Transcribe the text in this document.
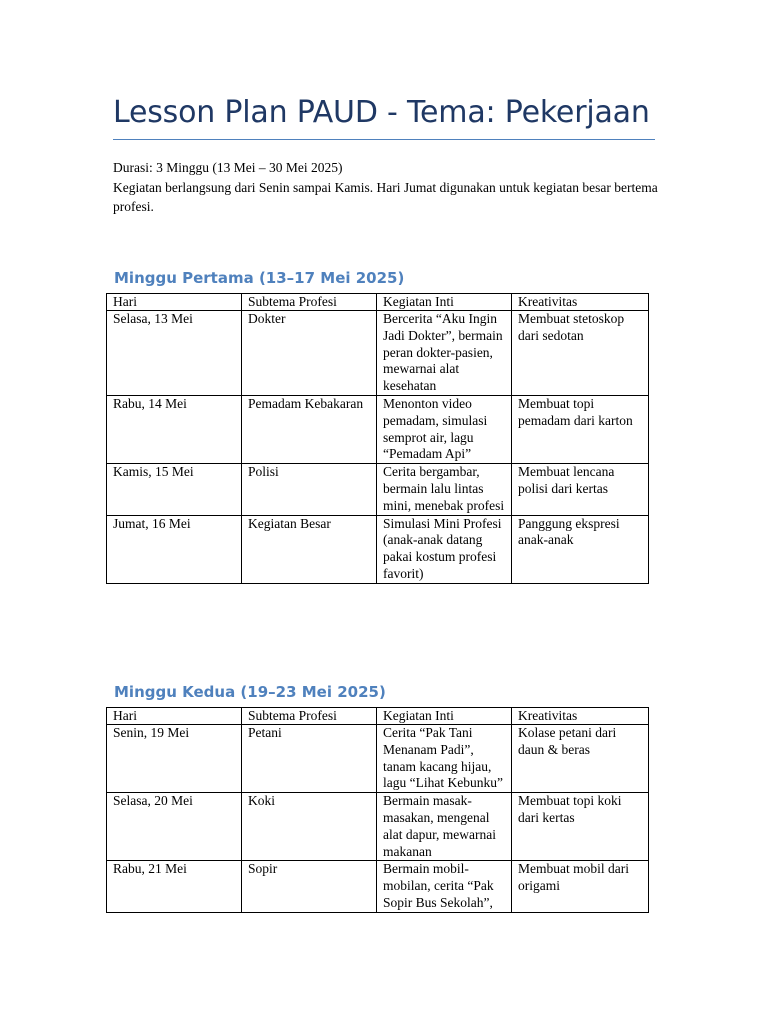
Lesson Plan PAUD - Tema: Pekerjaan

Durasi: 3 Minggu (13 Mei – 30 Mei 2025)

Kegiatan berlangsung dari Senin sampai Kamis. Hari Jumat digunakan untuk kegiatan besar bertema profesi.

Minggu Pertama (13–17 Mei 2025)
Hari	Subtema Profesi	Kegiatan Inti	Kreativitas
Selasa, 13 Mei	Dokter	Bercerita “Aku Ingin Jadi Dokter”, bermain peran dokter-pasien, mewarnai alat kesehatan	Membuat stetoskop dari sedotan
Rabu, 14 Mei	Pemadam Kebakaran	Menonton video pemadam, simulasi semprot air, lagu “Pemadam Api”	Membuat topi pemadam dari karton
Kamis, 15 Mei	Polisi	Cerita bergambar, bermain lalu lintas mini, menebak profesi	Membuat lencana polisi dari kertas
Jumat, 16 Mei	Kegiatan Besar	Simulasi Mini Profesi (anak-anak datang pakai kostum profesi favorit)	Panggung ekspresi anak-anak
Minggu Kedua (19–23 Mei 2025)
Hari	Subtema Profesi	Kegiatan Inti	Kreativitas
Senin, 19 Mei	Petani	Cerita “Pak Tani Menanam Padi”, tanam kacang hijau, lagu “Lihat Kebunku”	Kolase petani dari daun & beras
Selasa, 20 Mei	Koki	Bermain masak-masakan, mengenal alat dapur, mewarnai makanan	Membuat topi koki dari kertas
Rabu, 21 Mei	Sopir	Bermain mobil-mobilan, cerita “Pak Sopir Bus Sekolah”,	Membuat mobil dari origami
